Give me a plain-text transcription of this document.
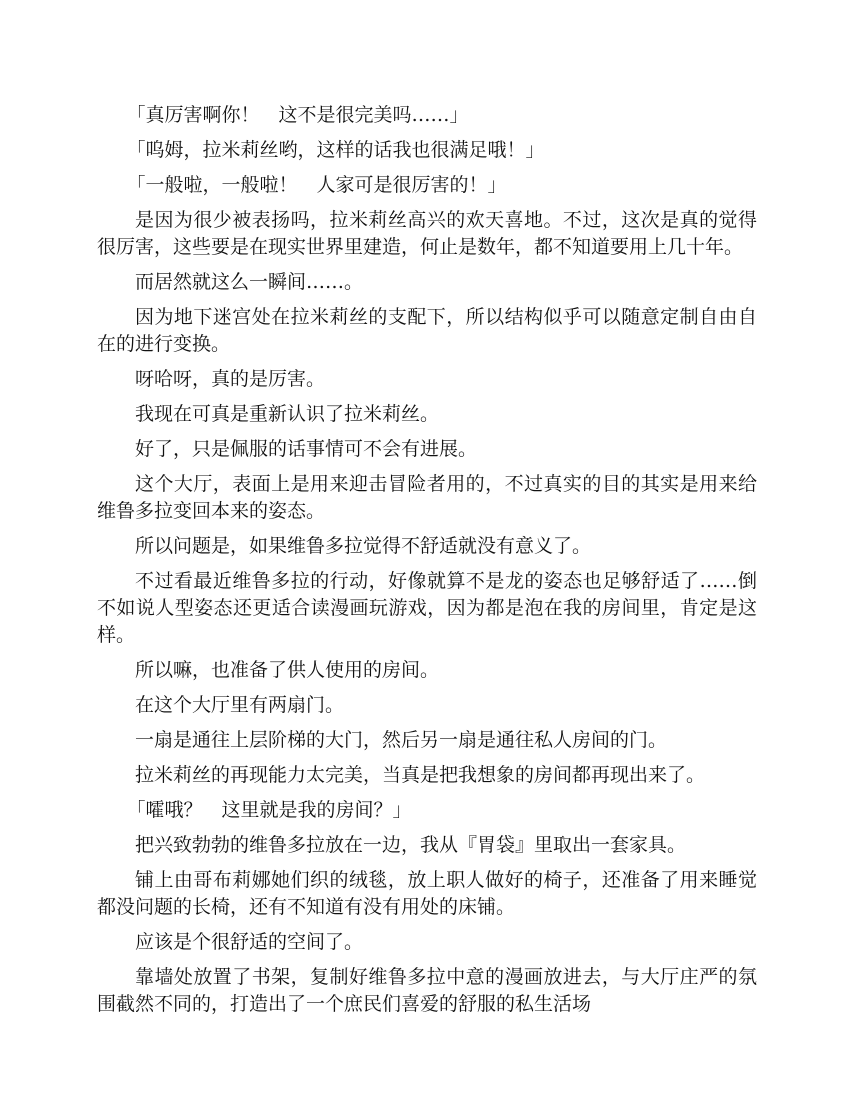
「真厉害啊你！　这不是很完美吗……」

「呜姆，拉米莉丝哟，这样的话我也很满足哦！」

「一般啦，一般啦！　人家可是很厉害的！」

是因为很少被表扬吗，拉米莉丝高兴的欢天喜地。不过，这次是真的觉得很厉害，这些要是在现实世界里建造，何止是数年，都不知道要用上几十年。

而居然就这么一瞬间……。

因为地下迷宫处在拉米莉丝的支配下，所以结构似乎可以随意定制自由自在的进行变换。

呀哈呀，真的是厉害。

我现在可真是重新认识了拉米莉丝。

好了，只是佩服的话事情可不会有进展。

这个大厅，表面上是用来迎击冒险者用的，不过真实的目的其实是用来给维鲁多拉变回本来的姿态。

所以问题是，如果维鲁多拉觉得不舒适就没有意义了。

不过看最近维鲁多拉的行动，好像就算不是龙的姿态也足够舒适了……倒不如说人型姿态还更适合读漫画玩游戏，因为都是泡在我的房间里，肯定是这样。

所以嘛，也准备了供人使用的房间。

在这个大厅里有两扇门。

一扇是通往上层阶梯的大门，然后另一扇是通往私人房间的门。

拉米莉丝的再现能力太完美，当真是把我想象的房间都再现出来了。

「嚯哦？　这里就是我的房间？」

把兴致勃勃的维鲁多拉放在一边，我从『胃袋』里取出一套家具。

铺上由哥布莉娜她们织的绒毯，放上职人做好的椅子，还准备了用来睡觉都没问题的长椅，还有不知道有没有用处的床铺。

应该是个很舒适的空间了。

靠墙处放置了书架，复制好维鲁多拉中意的漫画放进去，与大厅庄严的氛围截然不同的，打造出了一个庶民们喜爱的舒服的私生活场
